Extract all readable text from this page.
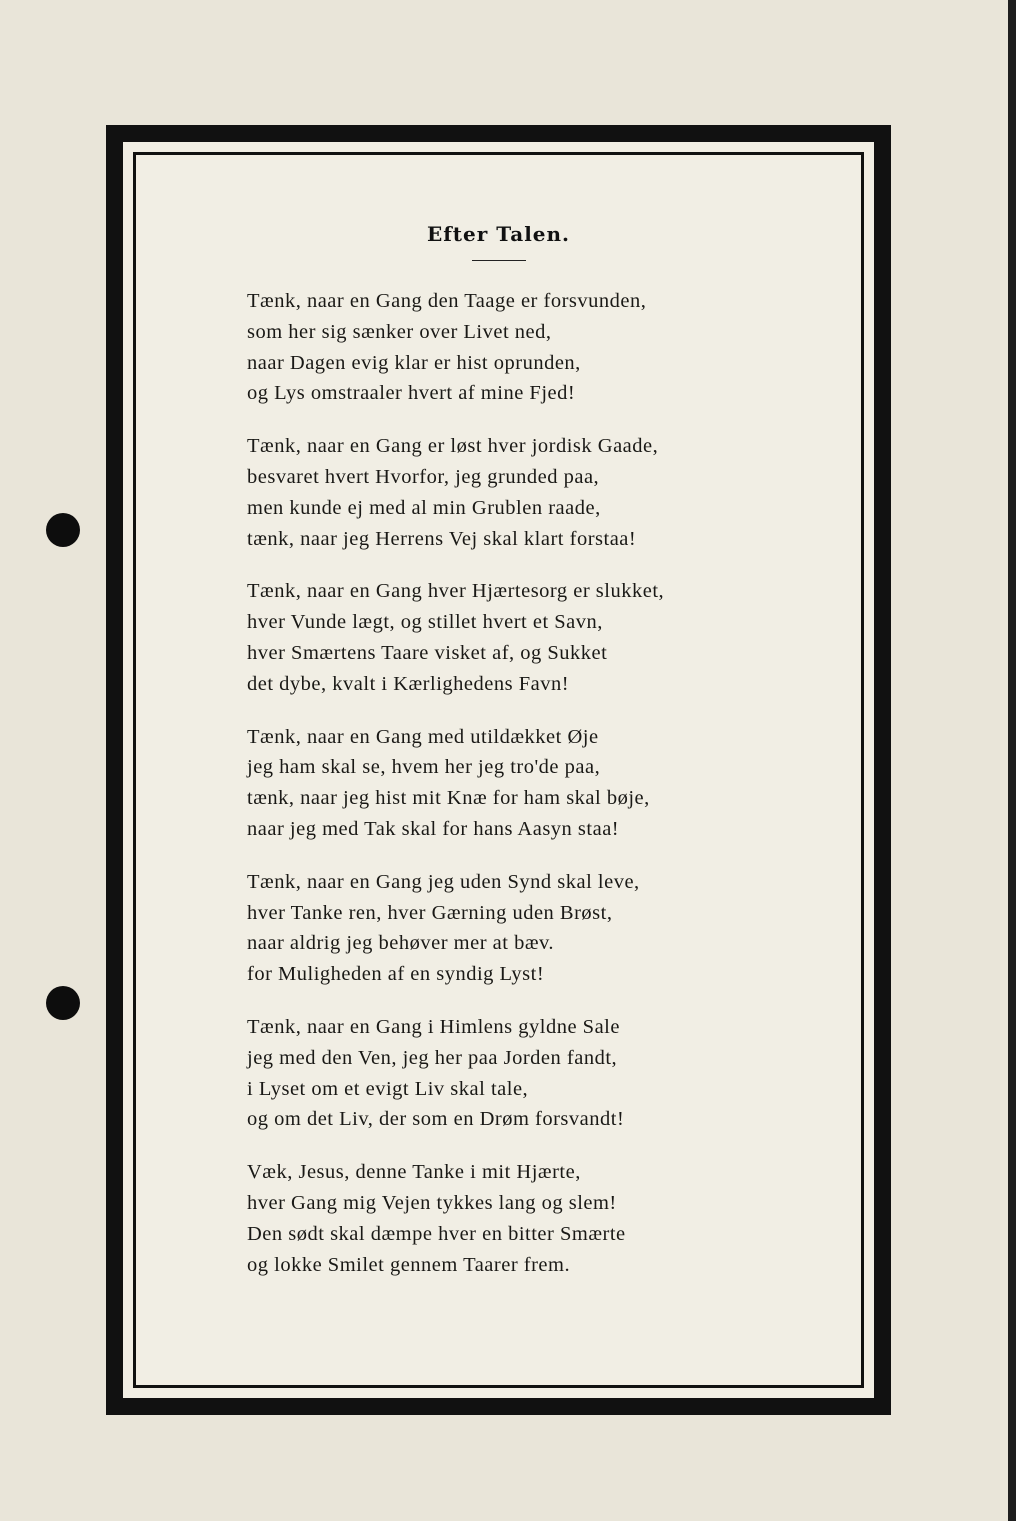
Efter Talen.
Tænk, naar en Gang den Taage er forsvunden,
som her sig sænker over Livet ned,
naar Dagen evig klar er hist oprunden,
og Lys omstraaler hvert af mine Fjed!
Tænk, naar en Gang er løst hver jordisk Gaade,
besvaret hvert Hvorfor, jeg grunded paa,
men kunde ej med al min Grublen raade,
tænk, naar jeg Herrens Vej skal klart forstaa!
Tænk, naar en Gang hver Hjærtesorg er slukket,
hver Vunde lægt, og stillet hvert et Savn,
hver Smærtens Taare visket af, og Sukket
det dybe, kvalt i Kærlighedens Favn!
Tænk, naar en Gang med utildækket Øje
jeg ham skal se, hvem her jeg tro'de paa,
tænk, naar jeg hist mit Knæ for ham skal bøje,
naar jeg med Tak skal for hans Aasyn staa!
Tænk, naar en Gang jeg uden Synd skal leve,
hver Tanke ren, hver Gærning uden Brøst,
naar aldrig jeg behøver mer at bæv.
for Muligheden af en syndig Lyst!
Tænk, naar en Gang i Himlens gyldne Sale
jeg med den Ven, jeg her paa Jorden fandt,
i Lyset om et evigt Liv skal tale,
og om det Liv, der som en Drøm forsvandt!
Væk, Jesus, denne Tanke i mit Hjærte,
hver Gang mig Vejen tykkes lang og slem!
Den sødt skal dæmpe hver en bitter Smærte
og lokke Smilet gennem Taarer frem.
